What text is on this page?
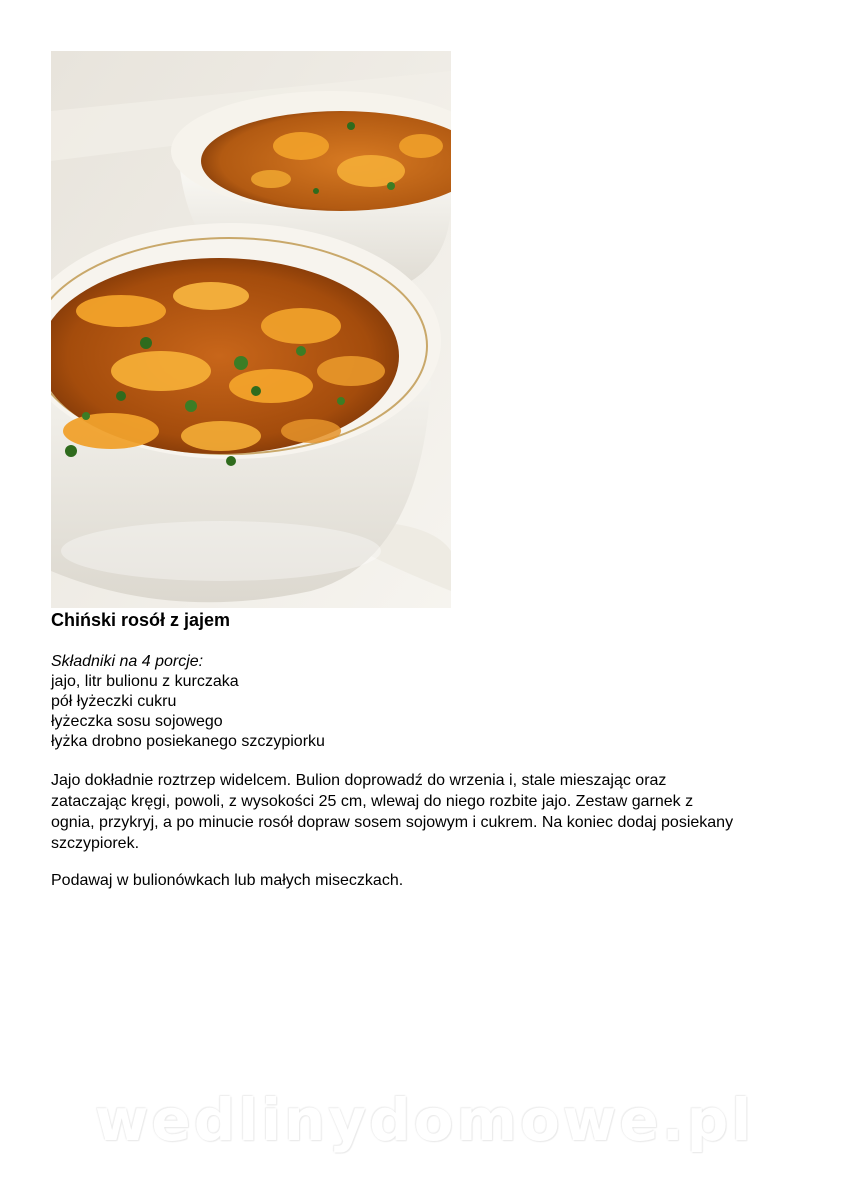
Chiński rosół z jajem
Składniki na 4 porcje:
jajo, litr bulionu z kurczaka
pół łyżeczki cukru
łyżeczka sosu sojowego
łyżka drobno posiekanego szczypiorku
Jajo dokładnie roztrzep widelcem. Bulion doprowadź do wrzenia i, stale mieszając oraz
zataczając kręgi, powoli, z wysokości 25 cm, wlewaj do niego rozbite jajo. Zestaw garnek z
ognia, przykryj, a po minucie rosół dopraw sosem sojowym i cukrem. Na koniec dodaj posiekany
szczypiorek.
Podawaj w bulionówkach lub małych miseczkach.
wedlinydomowe.pl
